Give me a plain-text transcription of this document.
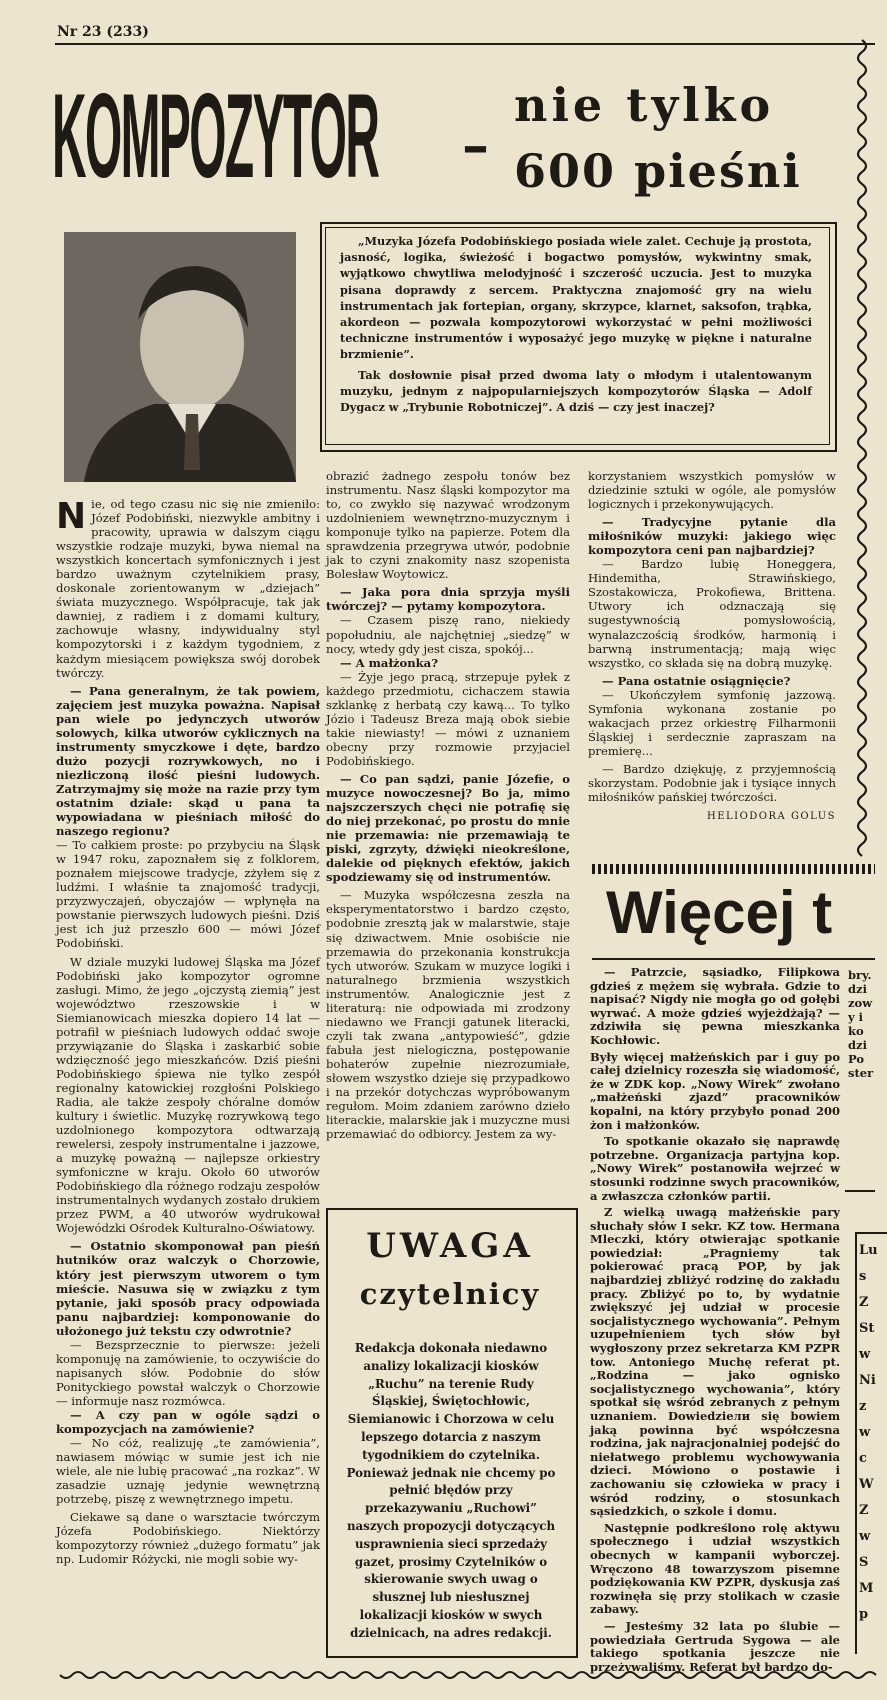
Nr 23 (233)
KOMPOZYTOR –
nie tylko
600 pieśni

„Muzyka Józefa Podobińskiego posiada wiele zalet. Cechuje ją prostota, jasność, logika, świeżość i bogactwo pomysłów, wykwintny smak, wyjątkowo chwytliwa melodyjność i szczerość uczucia. Jest to muzyka pisana doprawdy z sercem. Praktyczna znajomość gry na wielu instrumentach jak fortepian, organy, skrzypce, klarnet, saksofon, trąbka, akordeon — pozwala kompozytorowi wykorzystać w pełni możliwości techniczne instrumentów i wyposażyć jego muzykę w piękne i naturalne brzmienie”.

Tak dosłownie pisał przed dwoma laty o młodym i utalentowanym muzyku, jednym z najpopularniejszych kompozytorów Śląska — Adolf Dygacz w „Trybunie Robotniczej”. A dziś — czy jest inaczej?

Nie, od tego czasu nic się nie zmieniło: Józef Podobiński, niezwykle ambitny i pracowity, uprawia w dalszym ciągu wszystkie rodzaje muzyki, bywa niemal na wszystkich koncertach symfonicznych i jest bardzo uważnym czytelnikiem prasy, doskonale zorientowanym w „dziejach” świata muzycznego. Współpracuje, tak jak dawniej, z radiem i z domami kultury, zachowuje własny, indywidualny styl kompozytorski i z każdym tygodniem, z każdym miesiącem powiększa swój dorobek twórczy.

— Pana generalnym, że tak powiem, zajęciem jest muzyka poważna. Napisał pan wiele po jedynczych utworów solowych, kilka utworów cyklicznych na instrumenty smyczkowe i dęte, bardzo dużo pozycji rozrywkowych, no i niezliczoną ilość pieśni ludowych. Zatrzymajmy się może na razie przy tym ostatnim dziale: skąd u pana ta wypowiadana w pieśniach miłość do naszego regionu?

— To całkiem proste: po przybyciu na Śląsk w 1947 roku, zapoznałem się z folklorem, poznałem miejscowe tradycje, zżyłem się z ludźmi. I właśnie ta znajomość tradycji, przyzwyczajeń, obyczajów — wpłynęła na powstanie pierwszych ludowych pieśni. Dziś jest ich już przeszło 600 — mówi Józef Podobiński.

W dziale muzyki ludowej Śląska ma Józef Podobiński jako kompozytor ogromne zasługi. Mimo, że jego „ojczystą ziemią” jest województwo rzeszowskie i w Siemianowicach mieszka dopiero 14 lat — potrafił w pieśniach ludowych oddać swoje przywiązanie do Śląska i zaskarbić sobie wdzięczność jego mieszkańców. Dziś pieśni Podobińskiego śpiewa nie tylko zespół regionalny katowickiej rozgłośni Polskiego Radia, ale także zespoły chóralne domów kultury i świetlic. Muzykę rozrywkową tego uzdolnionego kompozytora odtwarzają rewelersi, zespoły instrumentalne i jazzowe, a muzykę poważną — najlepsze orkiestry symfoniczne w kraju. Około 60 utworów Podobińskiego dla różnego rodzaju zespołów instrumentalnych wydanych zostało drukiem przez PWM, a 40 utworów wydrukował Wojewódzki Ośrodek Kulturalno-Oświatowy.

— Ostatnio skomponował pan pieśń hutników oraz walczyk o Chorzowie, który jest pierwszym utworem o tym mieście. Nasuwa się w związku z tym pytanie, jaki sposób pracy odpowiada panu najbardziej: komponowanie do ułożonego już tekstu czy odwrotnie?

— Bezsprzecznie to pierwsze: jeżeli komponuję na zamówienie, to oczywiście do napisanych słów. Podobnie do słów Ponityckiego powstał walczyk o Chorzowie — informuje nasz rozmówca.

— A czy pan w ogóle sądzi o kompozycjach na zamówienie?

— No cóż, realizuję „te zamówienia”, nawiasem mówiąc w sumie jest ich nie wiele, ale nie lubię pracować „na rozkaz”. W zasadzie uznaję jedynie wewnętrzną potrzebę, piszę z wewnętrznego impetu.

Ciekawe są dane o warsztacie twórczym Józefa Podobińskiego. Niektórzy kompozytorzy również „dużego formatu” jak np. Ludomir Różycki, nie mogli sobie wy-

obrazić żadnego zespołu tonów bez instrumentu. Nasz śląski kompozytor ma to, co zwykło się nazywać wrodzonym uzdolnieniem wewnętrzno-muzycznym i komponuje tylko na papierze. Potem dla sprawdzenia przegrywa utwór, podobnie jak to czyni znakomity nasz szopenista Bolesław Woytowicz.

— Jaka pora dnia sprzyja myśli twórczej? — pytamy kompozytora.

— Czasem piszę rano, niekiedy popołudniu, ale najchętniej „siedzę” w nocy, wtedy gdy jest cisza, spokój...

— A małżonka?

— Żyje jego pracą, strzepuje pyłek z każdego przedmiotu, cichaczem stawia szklankę z herbatą czy kawą... To tylko Józio i Tadeusz Breza mają obok siebie takie niewiasty! — mówi z uznaniem obecny przy rozmowie przyjaciel Podobińskiego.

— Co pan sądzi, panie Józefie, o muzyce nowoczesnej? Bo ja, mimo najszczerszych chęci nie potrafię się do niej przekonać, po prostu do mnie nie przemawia: nie przemawiają te piski, zgrzyty, dźwięki nieokreślone, dalekie od pięknych efektów, jakich spodziewamy się od instrumentów.

— Muzyka współczesna zeszła na eksperymentatorstwo i bardzo często, podobnie zresztą jak w malarstwie, staje się dziwactwem. Mnie osobiście nie przemawia do przekonania konstrukcja tych utworów. Szukam w muzyce logiki i naturalnego brzmienia wszystkich instrumentów. Analogicznie jest z literaturą: nie odpowiada mi zrodzony niedawno we Francji gatunek literacki, czyli tak zwana „antypowieść”, gdzie fabuła jest nielogiczna, postępowanie bohaterów zupełnie niezrozumiałe, słowem wszystko dzieje się przypadkowo i na przekór dotychczas wypróbowanym regułom. Moim zdaniem zarówno dzieło literackie, malarskie jak i muzyczne musi przemawiać do odbiorcy. Jestem za wy-

korzystaniem wszystkich pomysłów w dziedzinie sztuki w ogóle, ale pomysłów logicznych i przekonywujących.

— Tradycyjne pytanie dla miłośników muzyki: jakiego więc kompozytora ceni pan najbardziej?

— Bardzo lubię Honeggera, Hindemitha, Strawińskiego, Szostakowicza, Prokofiewa, Brittena. Utwory ich odznaczają się sugestywnością pomysłowością, wynalazczością środków, harmonią i barwną instrumentacją; mają więc wszystko, co składa się na dobrą muzykę.

— Pana ostatnie osiągnięcie?

— Ukończyłem symfonię jazzową. Symfonia wykonana zostanie po wakacjach przez orkiestrę Filharmonii Śląskiej i serdecznie zapraszam na premierę...

— Bardzo dziękuję, z przyjemnością skorzystam. Podobnie jak i tysiące innych miłośników pańskiej twórczości.

HELIODORA GOLUS

UWAGA
czytelnicy
Redakcja dokonała niedawno analizy lokalizacji kiosków „Ruchu” na terenie Rudy Śląskiej, Świętochłowic, Siemianowic i Chorzowa w celu lepszego dotarcia z naszym tygodnikiem do czytelnika. Ponieważ jednak nie chcemy po pełnić błędów przy przekazywaniu „Ruchowi” naszych propozycji dotyczących usprawnienia sieci sprzedaży gazet, prosimy Czytelników o skierowanie swych uwag o słusznej lub niesłusznej lokalizacji kiosków w swych dzielnicach, na adres redakcji.
Więcej t

— Patrzcie, sąsiadko, Filipkowa gdzieś z mężem się wybrała. Gdzie to napisać? Nigdy nie mogła go od gołębi wyrwać. A może gdzieś wyjeżdżają? — zdziwiła się pewna mieszkanka Kochłowic.

Były więcej małżeńskich par i guy po całej dzielnicy rozeszła się wiadomość, że w ZDK kop. „Nowy Wirek” zwołano „małżeński zjazd” pracowników kopalni, na który przybyło ponad 200 żon i małżonków.

To spotkanie okazało się naprawdę potrzebne. Organizacja partyjna kop. „Nowy Wirek” postanowiła wejrzeć w stosunki rodzinne swych pracowników, a zwłaszcza członków partii.

Z wielką uwagą małżeńskie pary słuchały słów I sekr. KZ tow. Hermana Mleczki, który otwierając spotkanie powiedział: „Pragniemy tak pokierować pracą POP, by jak najbardziej zbliżyć rodzinę do zakładu pracy. Zbliżyć po to, by wydatnie zwiększyć jej udział w procesie socjalistycznego wychowania”. Pełnym uzupełnieniem tych słów był wygłoszony przez sekretarza KM PZPR tow. Antoniego Muchę referat pt. „Rodzina — jako ognisko socjalistycznego wychowania”, który spotkał się wśród zebranych z pełnym uznaniem. Dowiedziели się bowiem jaką powinna być współczesna rodzina, jak najracjonalniej podejść do niełatwego problemu wychowywania dzieci. Mówiono o postawie i zachowaniu się człowieka w pracy i wśród rodziny, o stosunkach sąsiedzkich, o szkole i domu.

Następnie podkreślono rolę aktywu społecznego i udział wszystkich obecnych w kampanii wyborczej. Wręczono 48 towarzyszom pisemne podziękowania KW PZPR, dyskusja zaś rozwinęła się przy stolikach w czasie zabawy.

— Jesteśmy 32 lata po ślubie — powiedziała Gertruda Sygowa — ale takiego spotkania jeszcze nie przeżywaliśmy. Referat był bardzo do-

bry.
dzi
zow
y i
ko
dzi
Po
ster
Lu
s
Z
St
w
Ni
z
w
c
W
Z
w
S
M
p
